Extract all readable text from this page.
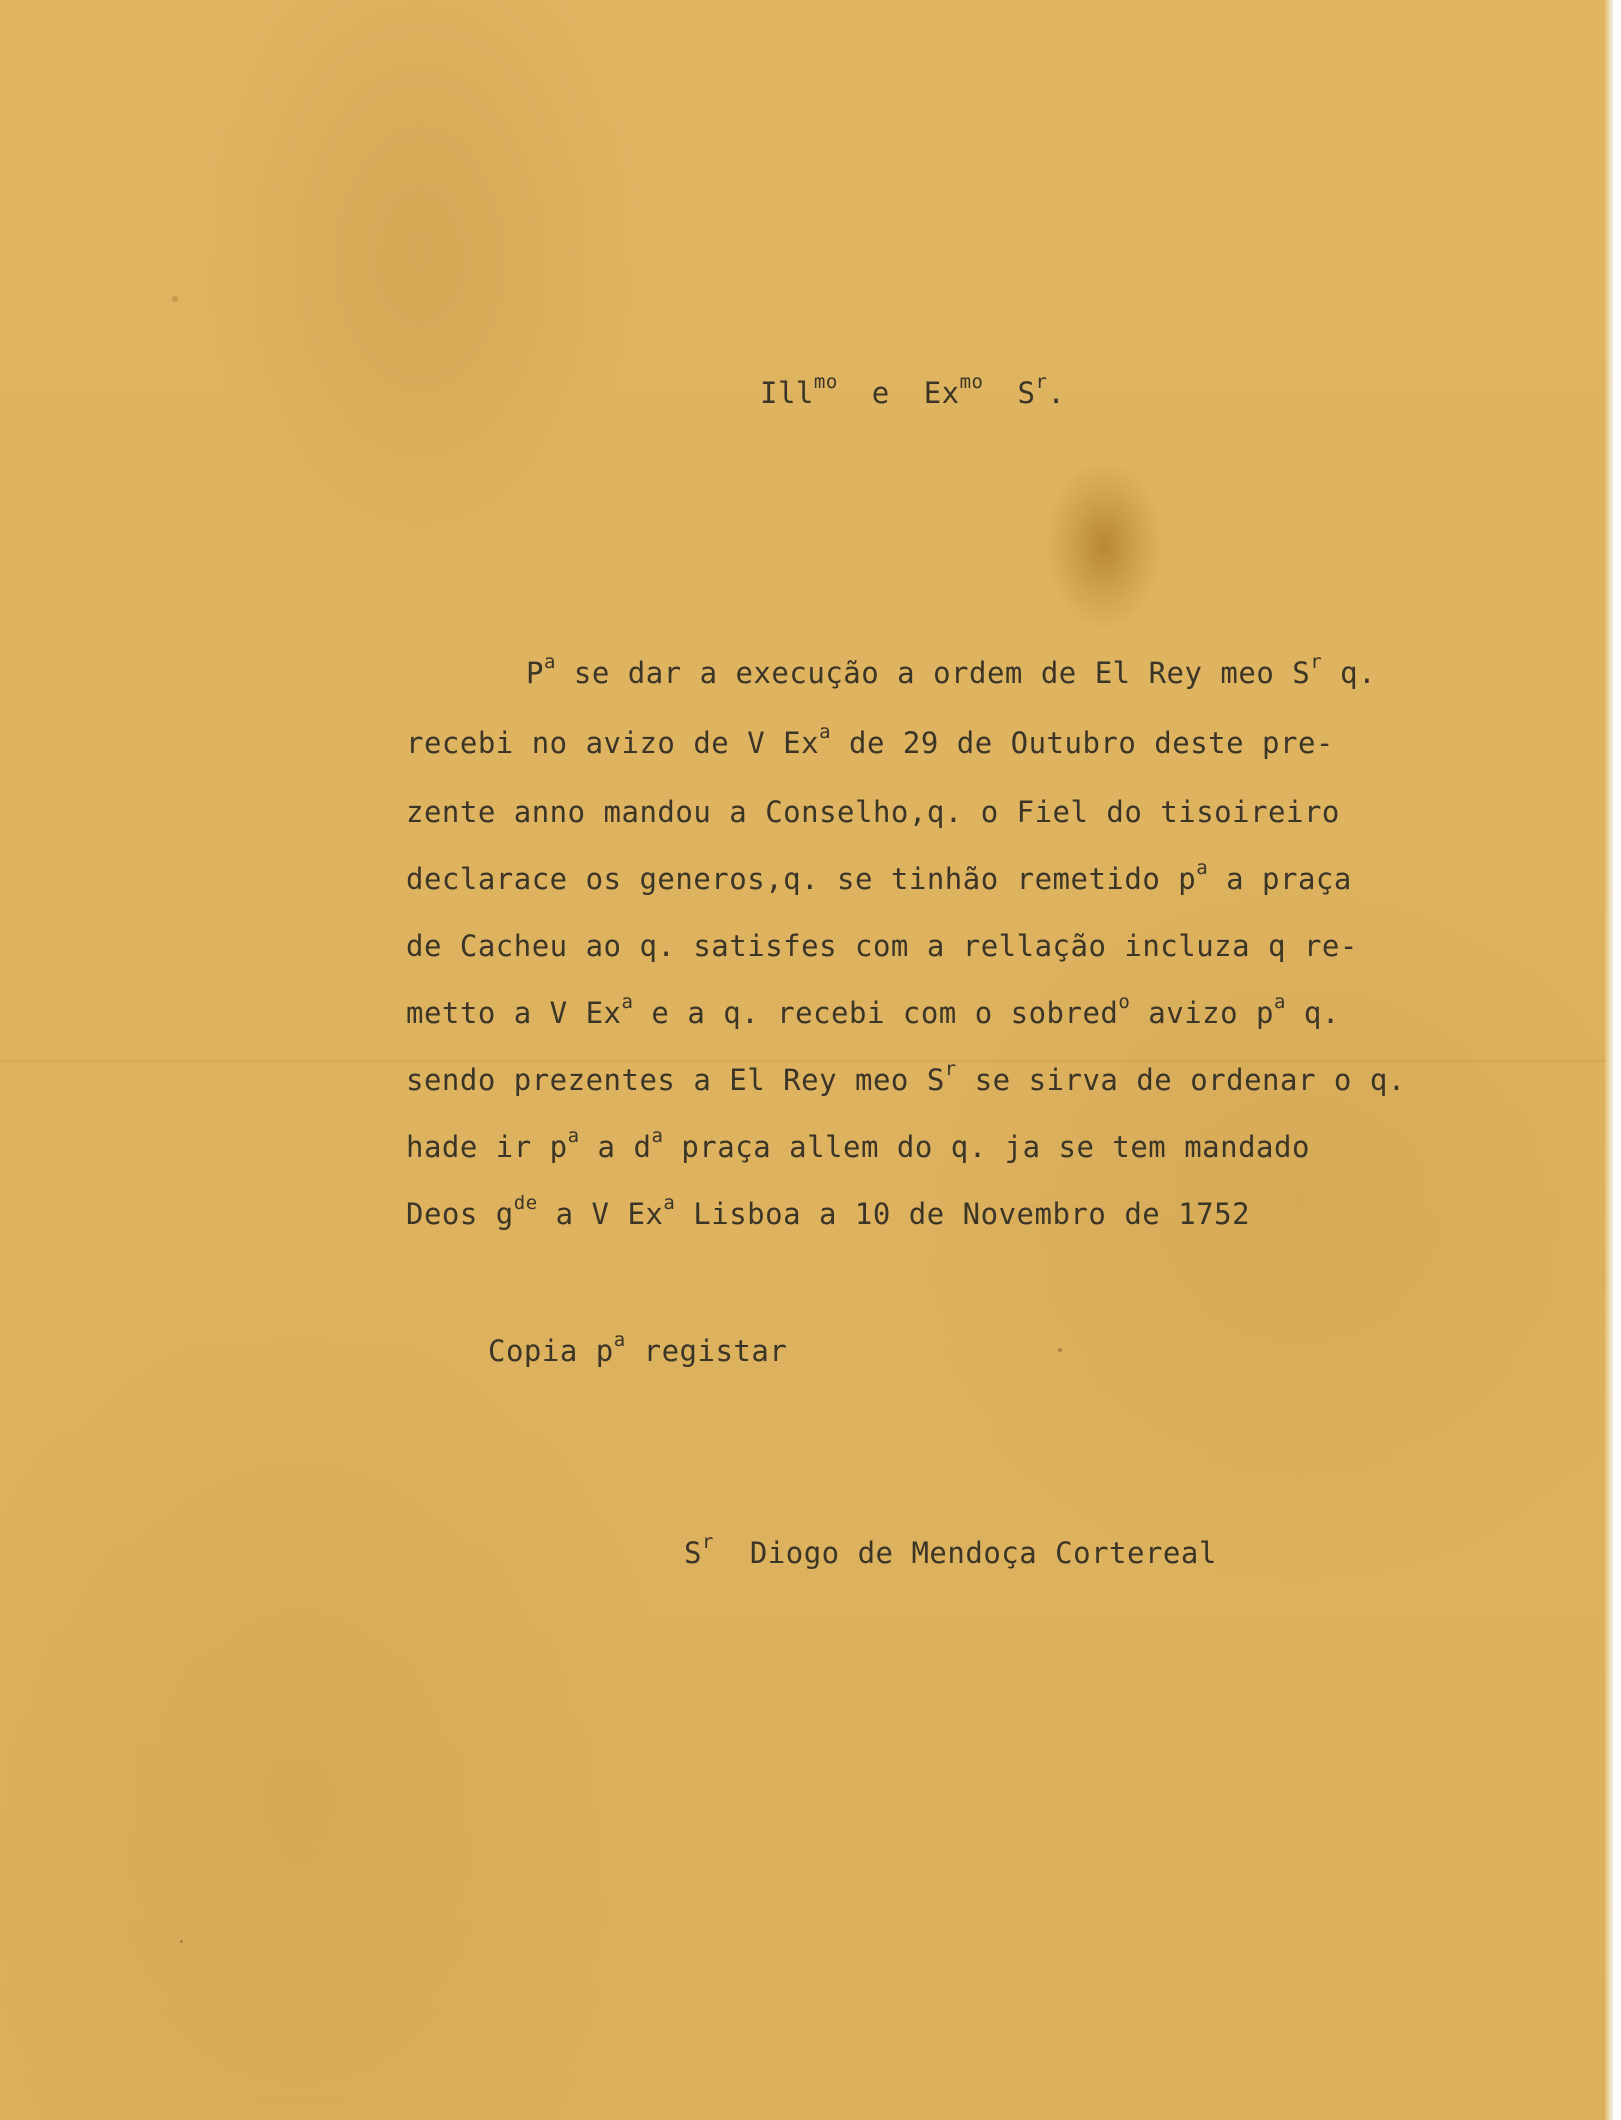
Ill$^{mo}$ e $Ex^{mo}$ $S^r$.
$P^a$ se dar a execução a ordem de El Rey meo $S^r$ q.
recebi no avizo de V Ex$^a$ de 29 de Outubro deste pre-
zente anno mandou a Conselho,q. o Fiel do tisoireiro
declarace os generos,q. se tinhão remetido $p^a$ a praça
de Cacheu ao q. satisfes com a rellação incluza q re-
metto a V Ex$^a$ e a q. recebi com o sobred$^o$ avizo $p^a$ q.
sendo prezentes a El Rey meo $S^r$ se sirva de ordenar o q.
hade ir $p^a$ a $d^a$ praça allem do q. ja se tem mandado
Deos $g^{de}$ a V Ex$^a$ Lisboa a 10 de Novembro de 1752
Copia $p^a$ registar
$S^r$  Diogo de Mendoça Cortereal
